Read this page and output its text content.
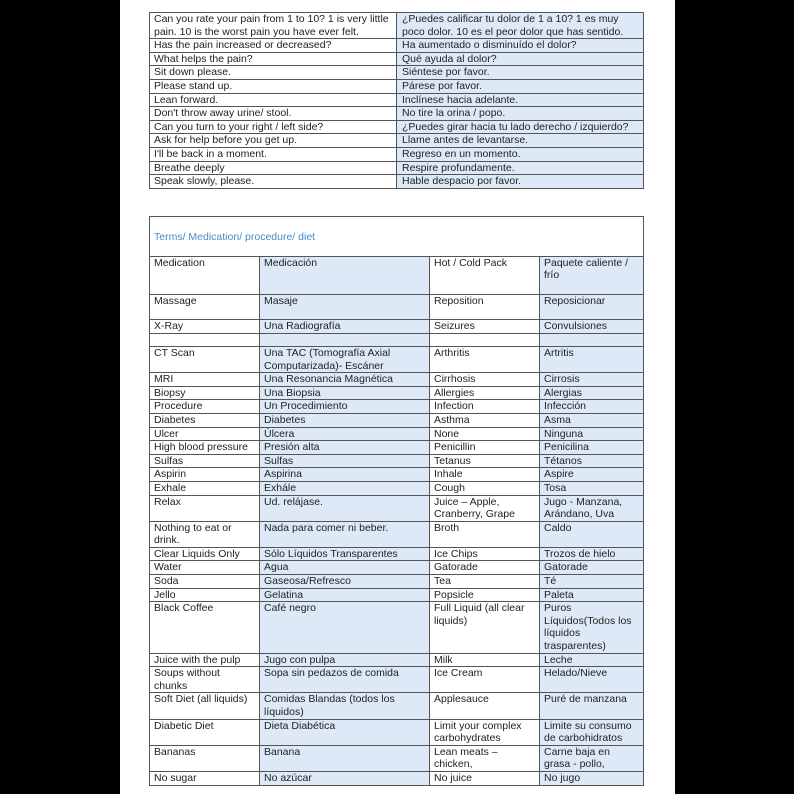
Can you rate your pain from 1 to 10? 1 is very little pain. 10 is the worst pain you have ever felt.	¿Puedes calificar tu dolor de 1 a 10? 1 es muy poco dolor. 10 es el peor dolor que has sentido.
Has the pain increased or decreased?	Ha aumentado o disminuído el dolor?
What helps the pain?	Qué ayuda al dolor?
Sit down please.	Siéntese por favor.
Please stand up.	Párese por favor.
Lean forward.	Inclínese hacia adelante.
Don't throw away urine/ stool.	No tire la orina / popo.
Can you turn to your right / left side?	¿Puedes girar hacia tu lado derecho / izquierdo?
Ask for help before you get up.	Llame antes de levantarse.
I'll be back in a moment.	Regreso en un momento.
Breathe deeply	Respire profundamente.
Speak slowly, please.	Hable despacio por favor.
Terms/ Medication/ procedure/ diet			
Medication	Medicación	Hot / Cold Pack	Paquete caliente / frío
Massage	Masaje	Reposition	Reposicionar
X-Ray	Una Radiografía	Seizures	Convulsiones

CT Scan	Una TAC (Tomografía Axial Computarizada)- Escáner	Arthritis	Artritis
MRI	Una Resonancia Magnética	Cirrhosis	Cirrosis
Biopsy	Una Biopsia	Allergies	Alergias
Procedure	Un Procedimiento	Infection	Infección
Diabetes	Diabetes	Asthma	Asma
Ulcer	Úlcera	None	Ninguna
High blood pressure	Presión alta	Penicillin	Penicilina
Sulfas	Sulfas	Tetanus	Tétanos
Aspirin	Aspirina	Inhale	Aspire
Exhale	Exhále	Cough	Tosa
Relax	Ud. relájase.	Juice – Apple, Cranberry, Grape	Jugo - Manzana, Arándano, Uva
Nothing to eat or drink.	Nada para comer ni beber.	Broth	Caldo
Clear Liquids Only	Sólo Líquidos Transparentes	Ice Chips	Trozos de hielo
Water	Agua	Gatorade	Gatorade
Soda	Gaseosa/Refresco	Tea	Té
Jello	Gelatina	Popsicle	Paleta
Black Coffee	Café negro	Full Liquid (all clear liquids)	Puros Líquidos(Todos los líquidos trasparentes)
Juice with the pulp	Jugo con pulpa	Milk	Leche
Soups without chunks	Sopa sin pedazos de comida	Ice Cream	Helado/Nieve
Soft Diet (all liquids)	Comidas Blandas (todos los líquidos)	Applesauce	Puré de manzana
Diabetic Diet	Dieta Diabética	Limit your complex carbohydrates	Limite su consumo de carbohidratos
Bananas	Banana	Lean meats – chicken,	Carne baja en grasa - pollo,
No sugar	No azúcar	No juice	No jugo
